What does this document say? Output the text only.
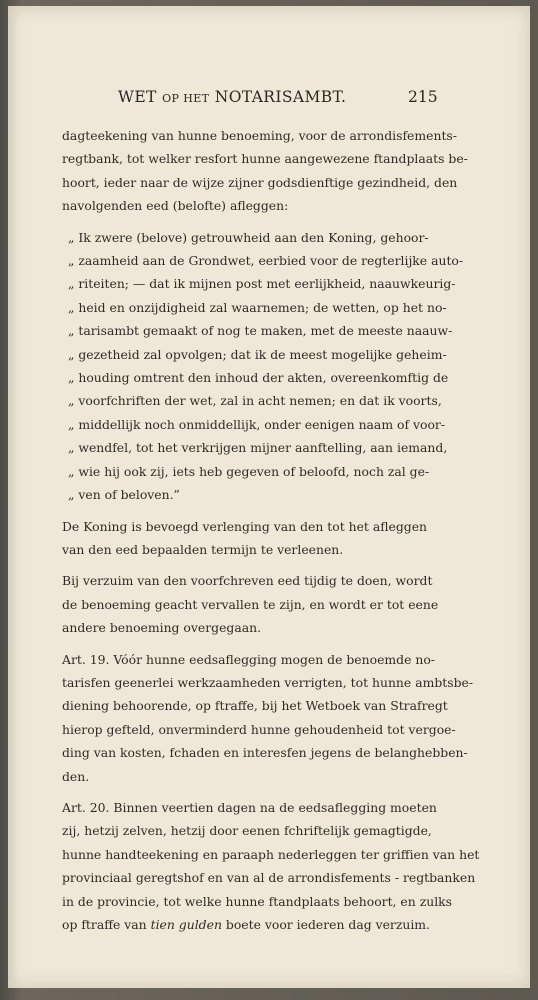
WET OP HET NOTARISAMBT.	215
dagteekening van hunne benoeming, voor de arrondisfements-
regtbank, tot welker resfort hunne aangewezene ftandplaats be-
hoort, ieder naar de wijze zijner godsdienftige gezindheid, den
navolgenden eed (belofte) afleggen:
„ Ik zwere (belove) getrouwheid aan den Koning, gehoor-
„ zaamheid aan de Grondwet, eerbied voor de regterlijke auto-
„ riteiten; — dat ik mijnen post met eerlijkheid, naauwkeurig-
„ heid en onzijdigheid zal waarnemen; de wetten, op het no-
„ tarisambt gemaakt of nog te maken, met de meeste naauw-
„ gezetheid zal opvolgen; dat ik de meest mogelijke geheim-
„ houding omtrent den inhoud der akten, overeenkomftig de
„ voorfchriften der wet, zal in acht nemen; en dat ik voorts,
„ middellijk noch onmiddellijk, onder eenigen naam of voor-
„ wendfel, tot het verkrijgen mijner aanftelling, aan iemand,
„ wie hij ook zij, iets heb gegeven of beloofd, noch zal ge-
„ ven of beloven.”
De Koning is bevoegd verlenging van den tot het afleggen
van den eed bepaalden termijn te verleenen.
Bij verzuim van den voorfchreven eed tijdig te doen, wordt
de benoeming geacht vervallen te zijn, en wordt er tot eene
andere benoeming overgegaan.
Art. 19. Vóór hunne eedsaflegging mogen de benoemde no-
tarisfen geenerlei werkzaamheden verrigten, tot hunne ambtsbe-
diening behoorende, op ftraffe, bij het Wetboek van Strafregt
hierop gefteld, onverminderd hunne gehoudenheid tot vergoe-
ding van kosten, fchaden en interesfen jegens de belanghebben-
den.
Art. 20. Binnen veertien dagen na de eedsaflegging moeten
zij, hetzij zelven, hetzij door eenen fchriftelijk gemagtigde,
hunne handteekening en paraaph nederleggen ter griffien van het
provinciaal geregtshof en van al de arrondisfements - regtbanken
in de provincie, tot welke hunne ftandplaats behoort, en zulks
op ftraffe van
tien gulden
boete voor iederen dag verzuim.
